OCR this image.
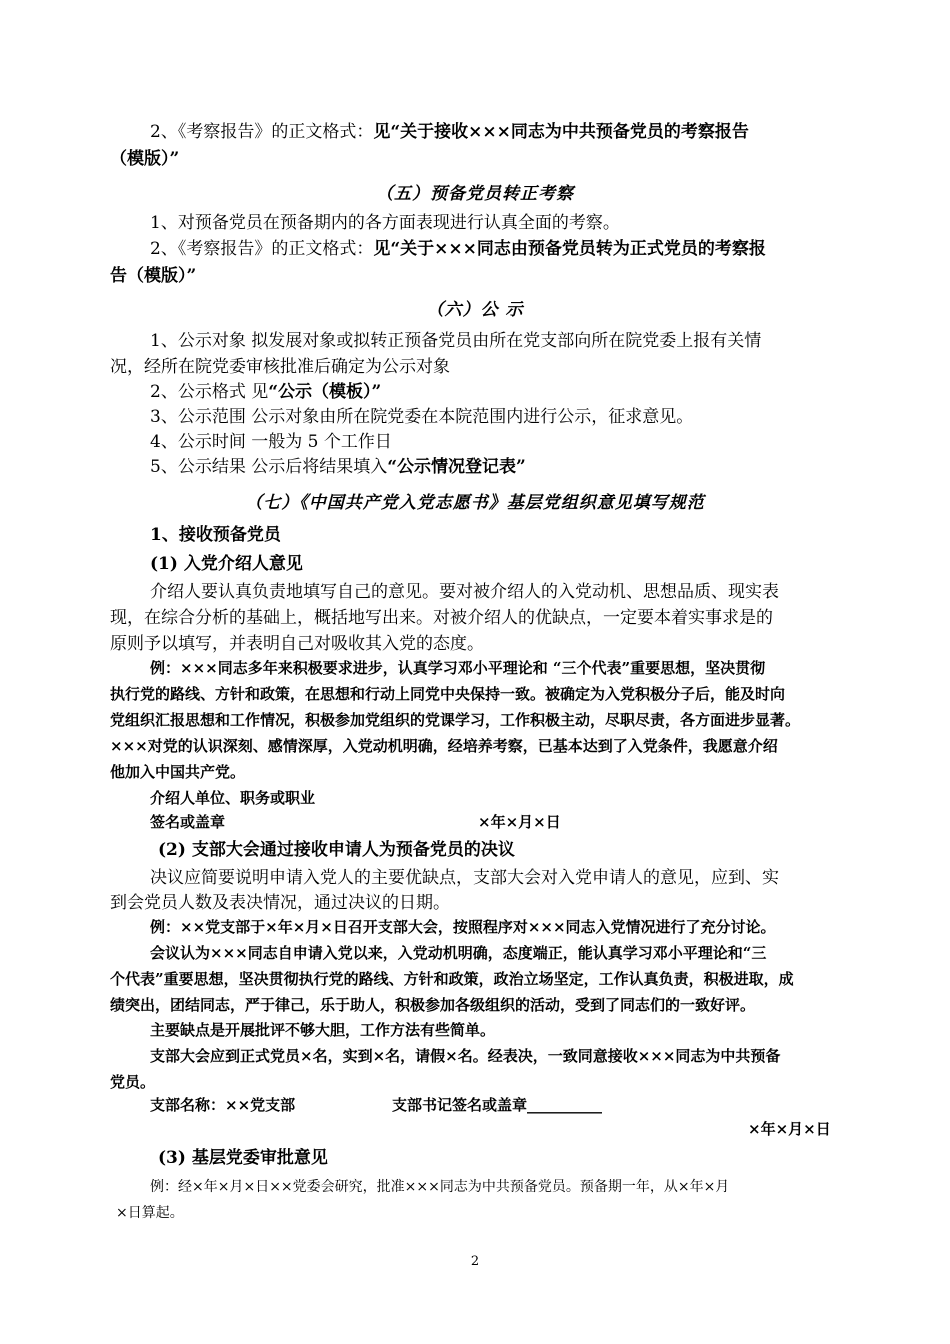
2、《考察报告》的正文格式：见“关于接收×××同志为中共预备党员的考察报告
（模版）”
（五）预备党员转正考察
1、对预备党员在预备期内的各方面表现进行认真全面的考察。
2、《考察报告》的正文格式：见“关于×××同志由预备党员转为正式党员的考察报
告（模版）”
（六）公 示
1、公示对象 拟发展对象或拟转正预备党员由所在党支部向所在院党委上报有关情
况，经所在院党委审核批准后确定为公示对象
2、公示格式 见“公示（模板）”
3、公示范围 公示对象由所在院党委在本院范围内进行公示，征求意见。
4、公示时间 一般为 5 个工作日
5、公示结果 公示后将结果填入“公示情况登记表”
（七）《中国共产党入党志愿书》基层党组织意见填写规范
1、接收预备党员
(1) 入党介绍人意见
介绍人要认真负责地填写自己的意见。要对被介绍人的入党动机、思想品质、现实表
现，在综合分析的基础上，概括地写出来。对被介绍人的优缺点，一定要本着实事求是的
原则予以填写，并表明自己对吸收其入党的态度。
例：×××同志多年来积极要求进步，认真学习邓小平理论和 “三个代表”重要思想，坚决贯彻
执行党的路线、方针和政策，在思想和行动上同党中央保持一致。被确定为入党积极分子后，能及时向
党组织汇报思想和工作情况，积极参加党组织的党课学习，工作积极主动，尽职尽责，各方面进步显著。
×××对党的认识深刻、感情深厚，入党动机明确，经培养考察，已基本达到了入党条件，我愿意介绍
他加入中国共产党。
介绍人单位、职务或职业
签名或盖章	×年×月×日
(2) 支部大会通过接收申请人为预备党员的决议
决议应简要说明申请入党人的主要优缺点，支部大会对入党申请人的意见，应到、实
到会党员人数及表决情况，通过决议的日期。
例：××党支部于×年×月×日召开支部大会，按照程序对×××同志入党情况进行了充分讨论。
会议认为×××同志自申请入党以来，入党动机明确，态度端正，能认真学习邓小平理论和“三
个代表”重要思想，坚决贯彻执行党的路线、方针和政策，政治立场坚定，工作认真负责，积极进取，成
绩突出，团结同志，严于律己，乐于助人，积极参加各级组织的活动，受到了同志们的一致好评。
主要缺点是开展批评不够大胆，工作方法有些简单。
支部大会应到正式党员×名，实到×名，请假×名。经表决，一致同意接收×××同志为中共预备
党员。
支部名称：××党支部	支部书记签名或盖章__________
×年×月×日
(3) 基层党委审批意见
例：经×年×月×日××党委会研究，批准×××同志为中共预备党员。预备期一年，从×年×月
×日算起。
2
